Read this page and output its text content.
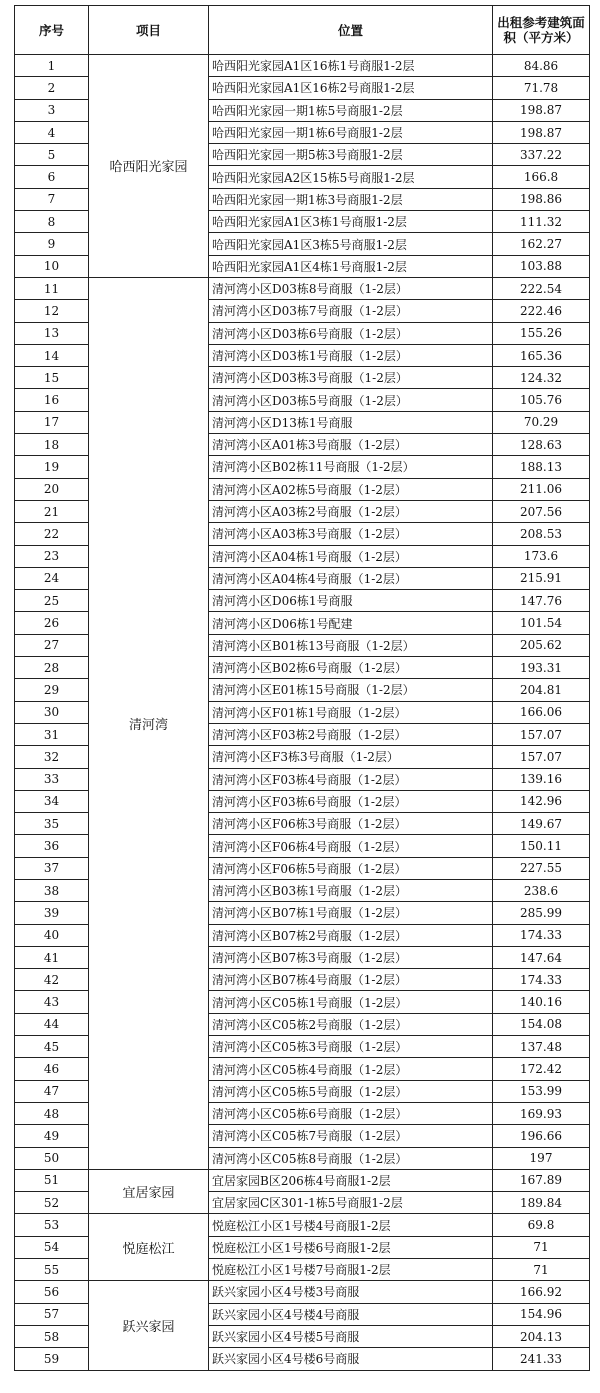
序号	项目	位置	出租参考建筑面积（平方米）
1	哈西阳光家园	哈西阳光家园A1区16栋1号商服1-2层	84.86
2		哈西阳光家园A1区16栋2号商服1-2层	71.78
3		哈西阳光家园一期1栋5号商服1-2层	198.87
4		哈西阳光家园一期1栋6号商服1-2层	198.87
5		哈西阳光家园一期5栋3号商服1-2层	337.22
6		哈西阳光家园A2区15栋5号商服1-2层	166.8
7		哈西阳光家园一期1栋3号商服1-2层	198.86
8		哈西阳光家园A1区3栋1号商服1-2层	111.32
9		哈西阳光家园A1区3栋5号商服1-2层	162.27
10		哈西阳光家园A1区4栋1号商服1-2层	103.88
11	清河湾	清河湾小区D03栋8号商服（1-2层）	222.54
12		清河湾小区D03栋7号商服（1-2层）	222.46
13		清河湾小区D03栋6号商服（1-2层）	155.26
14		清河湾小区D03栋1号商服（1-2层）	165.36
15		清河湾小区D03栋3号商服（1-2层）	124.32
16		清河湾小区D03栋5号商服（1-2层）	105.76
17		清河湾小区D13栋1号商服	70.29
18		清河湾小区A01栋3号商服（1-2层）	128.63
19		清河湾小区B02栋11号商服（1-2层）	188.13
20		清河湾小区A02栋5号商服（1-2层）	211.06
21		清河湾小区A03栋2号商服（1-2层）	207.56
22		清河湾小区A03栋3号商服（1-2层）	208.53
23		清河湾小区A04栋1号商服（1-2层）	173.6
24		清河湾小区A04栋4号商服（1-2层）	215.91
25		清河湾小区D06栋1号商服	147.76
26		清河湾小区D06栋1号配建	101.54
27		清河湾小区B01栋13号商服（1-2层）	205.62
28		清河湾小区B02栋6号商服（1-2层）	193.31
29		清河湾小区E01栋15号商服（1-2层）	204.81
30		清河湾小区F01栋1号商服（1-2层）	166.06
31		清河湾小区F03栋2号商服（1-2层）	157.07
32		清河湾小区F3栋3号商服（1-2层）	157.07
33		清河湾小区F03栋4号商服（1-2层）	139.16
34		清河湾小区F03栋6号商服（1-2层）	142.96
35		清河湾小区F06栋3号商服（1-2层）	149.67
36		清河湾小区F06栋4号商服（1-2层）	150.11
37		清河湾小区F06栋5号商服（1-2层）	227.55
38		清河湾小区B03栋1号商服（1-2层）	238.6
39		清河湾小区B07栋1号商服（1-2层）	285.99
40		清河湾小区B07栋2号商服（1-2层）	174.33
41		清河湾小区B07栋3号商服（1-2层）	147.64
42		清河湾小区B07栋4号商服（1-2层）	174.33
43		清河湾小区C05栋1号商服（1-2层）	140.16
44		清河湾小区C05栋2号商服（1-2层）	154.08
45		清河湾小区C05栋3号商服（1-2层）	137.48
46		清河湾小区C05栋4号商服（1-2层）	172.42
47		清河湾小区C05栋5号商服（1-2层）	153.99
48		清河湾小区C05栋6号商服（1-2层）	169.93
49		清河湾小区C05栋7号商服（1-2层）	196.66
50		清河湾小区C05栋8号商服（1-2层）	197
51	宜居家园	宜居家园B区206栋4号商服1-2层	167.89
52		宜居家园C区301-1栋5号商服1-2层	189.84
53	悦庭松江	悦庭松江小区1号楼4号商服1-2层	69.8
54		悦庭松江小区1号楼6号商服1-2层	71
55		悦庭松江小区1号楼7号商服1-2层	71
56	跃兴家园	跃兴家园小区4号楼3号商服	166.92
57		跃兴家园小区4号楼4号商服	154.96
58		跃兴家园小区4号楼5号商服	204.13
59		跃兴家园小区4号楼6号商服	241.33
